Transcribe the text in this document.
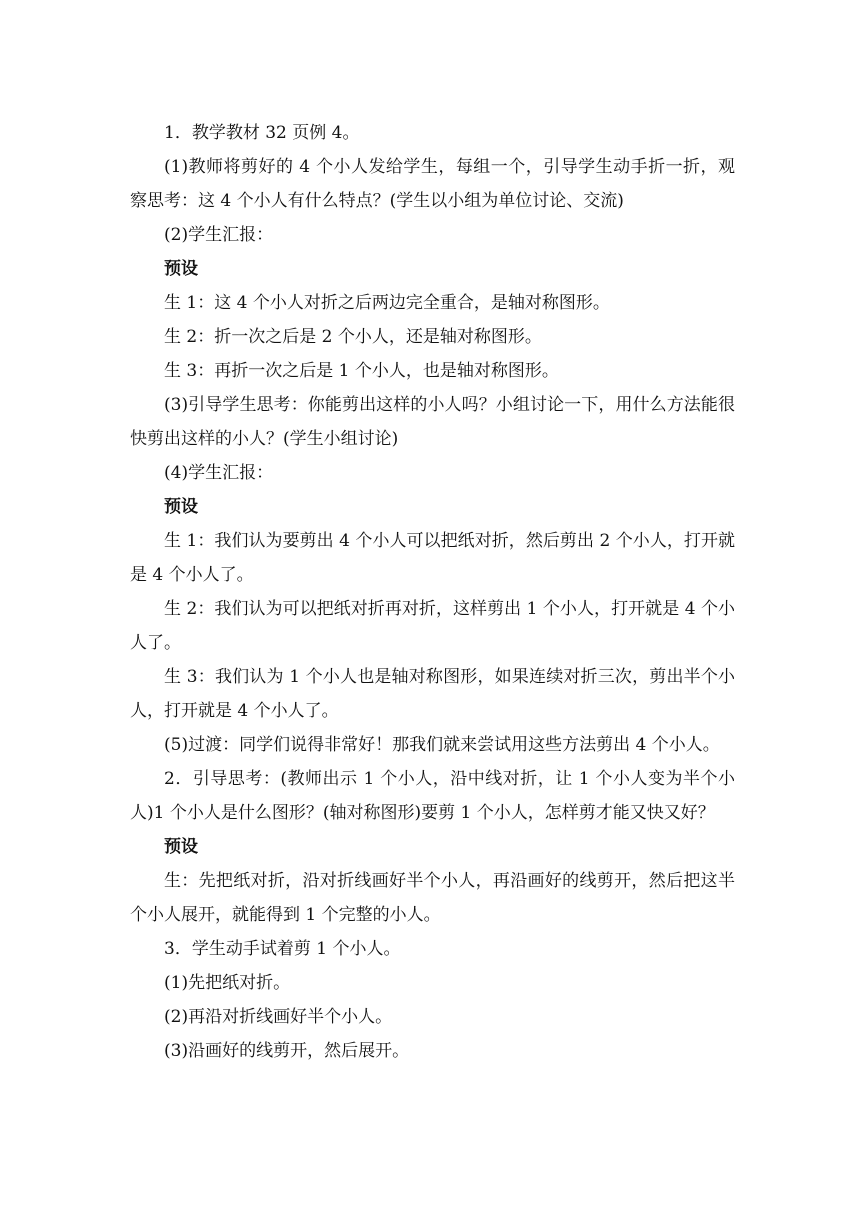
1．教学教材 32 页例 4。

(1)教师将剪好的 4 个小人发给学生，每组一个，引导学生动手折一折，观察思考：这 4 个小人有什么特点？(学生以小组为单位讨论、交流)

(2)学生汇报：

预设

生 1：这 4 个小人对折之后两边完全重合，是轴对称图形。

生 2：折一次之后是 2 个小人，还是轴对称图形。

生 3：再折一次之后是 1 个小人，也是轴对称图形。

(3)引导学生思考：你能剪出这样的小人吗？小组讨论一下，用什么方法能很快剪出这样的小人？(学生小组讨论)

(4)学生汇报：

预设

生 1：我们认为要剪出 4 个小人可以把纸对折，然后剪出 2 个小人，打开就是 4 个小人了。

生 2：我们认为可以把纸对折再对折，这样剪出 1 个小人，打开就是 4 个小人了。

生 3：我们认为 1 个小人也是轴对称图形，如果连续对折三次，剪出半个小人，打开就是 4 个小人了。

(5)过渡：同学们说得非常好！那我们就来尝试用这些方法剪出 4 个小人。

2．引导思考：(教师出示 1 个小人，沿中线对折，让 1 个小人变为半个小人)1 个小人是什么图形？(轴对称图形)要剪 1 个小人，怎样剪才能又快又好？

预设

生：先把纸对折，沿对折线画好半个小人，再沿画好的线剪开，然后把这半个小人展开，就能得到 1 个完整的小人。

3．学生动手试着剪 1 个小人。

(1)先把纸对折。

(2)再沿对折线画好半个小人。

(3)沿画好的线剪开，然后展开。
